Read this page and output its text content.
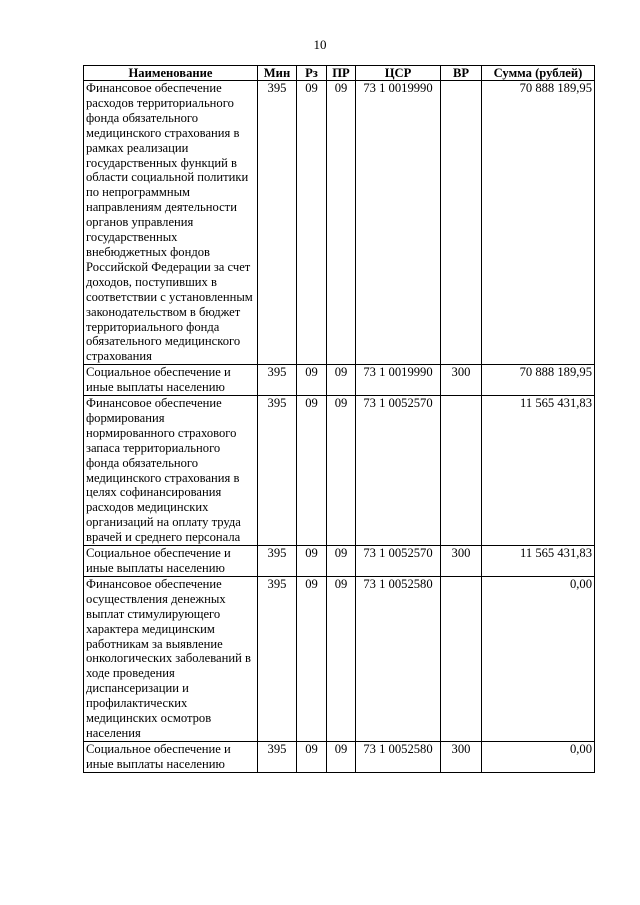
10
Наименование	Мин	Рз	ПР	ЦСР	ВР	Сумма (рублей)
Финансовое обеспечение расходов территориального фонда обязательного медицинского страхования в рамках реализации государственных функций в области социальной политики по непрограммным направлениям деятельности органов управления государственных внебюджетных фондов Российской Федерации за счет доходов, поступивших в соответствии с установленным законодательством в бюджет территориального фонда обязательного медицинского страхования	395	09	09	73 1 0019990		70 888 189,95
Социальное обеспечение и иные выплаты населению	395	09	09	73 1 0019990	300	70 888 189,95
Финансовое обеспечение формирования нормированного страхового запаса территориального фонда обязательного медицинского страхования в целях софинансирования расходов медицинских организаций на оплату труда врачей и среднего персонала	395	09	09	73 1 0052570		11 565 431,83
Социальное обеспечение и иные выплаты населению	395	09	09	73 1 0052570	300	11 565 431,83
Финансовое обеспечение осуществления денежных выплат стимулирующего характера медицинским работникам за выявление онкологических заболеваний в ходе проведения диспансеризации и профилактических медицинских осмотров населения	395	09	09	73 1 0052580		0,00
Социальное обеспечение и иные выплаты населению	395	09	09	73 1 0052580	300	0,00
